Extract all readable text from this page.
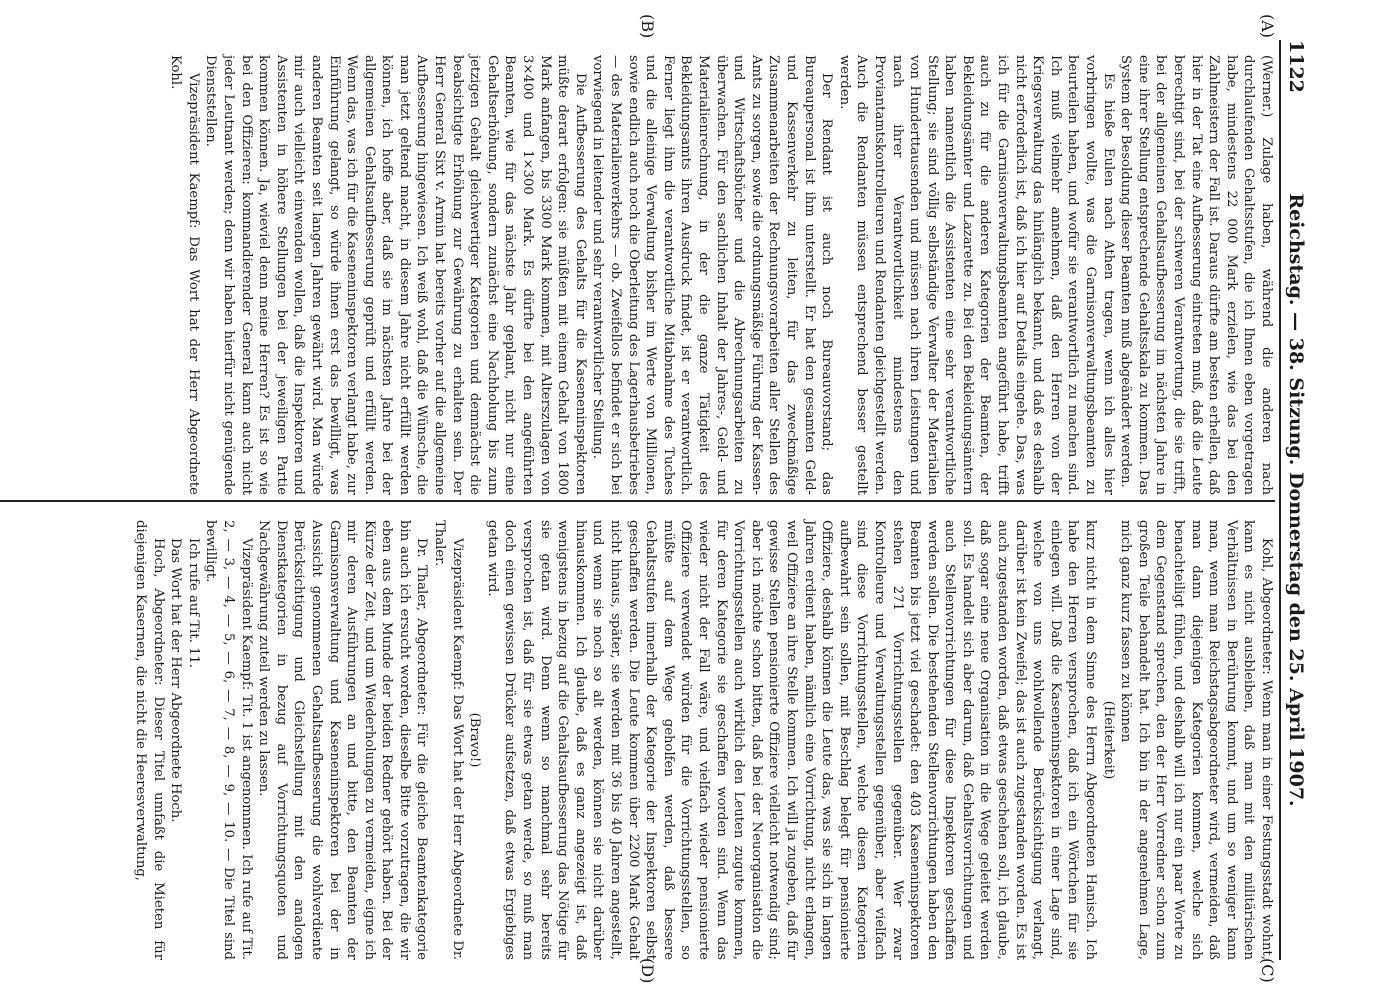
1122
Reichstag. — 38. Sitzung. Donnerstag den 25. April 1907.
(A)
(B)
(C)
(D)

(Werner.) Zulage haben, während die anderen nach durchlaufenden Gehaltsstufen, die ich Ihnen eben vorgetragen habe, mindestens 22 000 Mark erzielen, wie das bei den Zahlmeistern der Fall ist. Daraus dürfte am besten erhellen, daß hier in der Tat eine Aufbesserung eintreten muß, daß die Leute berechtigt sind, bei der schweren Verantwortung, die sie trifft, bei der allgemeinen Gehaltsaufbesserung im nächsten Jahre in eine ihrer Stellung entsprechende Gehaltsskala zu kommen. Das System der Besoldung dieser Beamten muß abgeändert werden.

Es hieße Eulen nach Athen tragen, wenn ich alles hier vorbringen wollte, was die Garnisonverwaltungsbeamten zu beurteilen haben, und wofür sie verantwortlich zu machen sind. Ich muß vielmehr annehmen, daß den Herren von der Kriegsverwaltung das hinlänglich bekannt, und daß es deshalb nicht erforderlich ist, daß ich hier auf Details eingehe. Das, was ich für die Garnisonverwaltungsbeamten angeführt habe, trifft auch zu für die anderen Kategorien der Beamten, der Bekleidungsämter und Lazarette zu. Bei den Bekleidungsämtern haben namentlich die Assistenten eine sehr verantwortliche Stellung; sie sind völlig selbständige Verwalter der Materialien von Hunderttausenden und müssen nach ihren Leistungen und nach ihrer Verantwortlichkeit mindestens den Proviantamtskontrolleuren und Rendanten gleichgestellt werden. Auch die Rendanten müssen entsprechend besser gestellt werden.

Der Rendant ist auch noch Bureauvorstand; das Bureaupersonal ist ihm unterstellt. Er hat den gesamten Geld- und Kassenverkehr zu leiten, für das zweckmäßige Zusammenarbeiten der Rechnungsvorarbeiten aller Stellen des Amts zu sorgen, sowie die ordnungsmäßige Führung der Kassen- und Wirtschaftsbücher und die Abrechnungsarbeiten zu überwachen. Für den sachlichen Inhalt der Jahres-, Geld- und Materialienrechnung, in der die ganze Tätigkeit des Bekleidungsamts ihren Ausdruck findet, ist er verantwortlich. Ferner liegt ihm die verantwortliche Mitabnahme des Tuches und die alleinige Verwaltung bisher im Werte von Millionen, sowie endlich auch noch die Oberleitung des Lagerhausbetriebes — des Materialienverkehrs — ob. Zweifellos befindet er sich bei vorwiegend in leitender und sehr verantwortlicher Stellung.

Die Aufbesserung des Gehalts für die Kaseneninspektoren müßte derart erfolgen: sie müßten mit einem Gehalt von 1800 Mark anfangen, bis 3300 Mark kommen, mit Alterszulagen von 3×400 und 1×300 Mark. Es dürfte bei den angeführten Beamten, wie für das nächste Jahr geplant, nicht nur eine Gehaltserhöhung, sondern zunächst eine Nachholung bis zum jetzigen Gehalt gleichwertiger Kategorien und demnächst die beabsichtigte Erhöhung zur Gewährung zu erhalten sein. Der Herr General Sixt v. Armin hat bereits vorher auf die allgemeine Aufbesserung hingewiesen. Ich weiß wohl, daß die Wünsche, die man jetzt geltend macht, in diesem Jahre nicht erfüllt werden können, ich hoffe aber, daß sie im nächsten Jahre bei der allgemeinen Gehaltsaufbesserung geprüft und erfüllt werden. Wenn das, was ich für die Kaseneninspektoren verlangt habe, zur Einführung gelangt, so würde ihnen erst das bewilligt, was anderen Beamten seit langen Jahren gewährt wird. Man würde mir auch vielleicht einwenden wollen, daß die Inspektoren und Assistenten in höhere Stellungen bei der jeweiligen Partie kommen können. Ja, wieviel denn meine Herren? Es ist so wie bei den Offizieren: kommandierender General kann auch nicht jeder Leutnant werden; denn wir haben hierfür nicht genügende Dienststellen.

Vizepräsident Kaempf: Das Wort hat der Herr Abgeordnete Kohl.

Kohl, Abgeordneter: Wenn man in einer Festungsstadt wohnt, kann es nicht ausbleiben, daß man mit den militärischen Verhältnissen in Berührung kommt, und um so weniger kann man, wenn man Reichstagsabgeordneter wird, vermeiden, daß man dann diejenigen Kategorien kommen, welche sich benachteiligt fühlen, und deshalb will ich nur ein paar Worte zu dem Gegenstand sprechen, den der Herr Vorredner schon zum großen Teile behandelt hat. Ich bin in der angenehmen Lage, mich ganz kurz fassen zu können

(Heiterkeit)

kurz nicht in dem Sinne des Herrn Abgeordneten Hanisch. Ich habe den Herren versprochen, daß ich ein Wörtchen für sie einlegen will. Daß die Kaseneninspektoren in einer Lage sind, welche von uns wohlwollende Berücksichtigung verlangt, darüber ist kein Zweifel; das ist auch zugestanden worden. Es ist auch zugestanden worden, daß etwas geschehen soll, ich glaube, daß sogar eine neue Organisation in die Wege geleitet werden soll. Es handelt sich aber darum, daß Gehaltsvorrichtungen und auch Stellenvorrichtungen für diese Inspektoren geschaffen werden sollen. Die bestehenden Stellenvorrichtungen haben den Beamten bis jetzt viel geschadet: den 403 Kaseneninspektoren stehen 271 Vorrichtungsstellen gegenüber. Wer zwar Kontrolleure und Verwaltungsstellen gegenüber, aber vielfach sind diese Vorrichtungsstellen, welche diesen Kategorien aufbewahrt sein sollen, mit Beschlag belegt für pensionierte Offiziere, deshalb können die Leute das, was sie sich in langen Jahren erdient haben, nämlich eine Vorrichtung, nicht erlangen, weil Offiziere an ihre Stelle kommen. Ich will ja zugeben, daß für gewisse Stellen pensionierte Offiziere vielleicht notwendig sind; aber ich möchte schon bitten, daß bei der Neuorganisation die Vorrichtungsstellen auch wirklich den Leuten zugute kommen, für deren Kategorie sie geschaffen worden sind. Wenn das wieder nicht der Fall wäre, und vielfach wieder pensionierte Offiziere verwendet würden für die Vorrichtungsstellen, so müßte auf dem Wege geholfen werden, daß bessere Gehaltsstufen innerhalb der Kategorie der Inspektoren selbst geschaffen werden. Die Leute kommen über 2200 Mark Gehalt nicht hinaus, später, sie werden mit 36 bis 40 Jahren angestellt, und wenn sie noch so alt werden, können sie nicht darüber hinauskommen. Ich glaube, daß es ganz angezeigt ist, daß wenigstens in bezug auf die Gehaltsaufbesserung das Nötige für sie getan wird. Denn wenn so manchmal sehr bereits versprochen ist, daß für sie etwas getan werde, so muß man doch einen gewissen Drücker aufsetzen, daß etwas Ergiebiges getan wird.

(Bravo!)

Vizepräsident Kaempf: Das Wort hat der Herr Abgeordnete Dr. Thaler.

Dr. Thaler, Abgeordneter: Für die gleiche Beamtenkategorie bin auch ich ersucht worden, dieselbe Bitte vorzutragen, die wir eben aus dem Munde der beiden Redner gehört haben. Bei der Kürze der Zeit, und um Wiederholungen zu vermeiden, eigne ich mir deren Ausführungen an und bitte, den Beamten der Garnisonsverwaltung und Kaseneninspektoren bei der in Aussicht genommenen Gehaltsaufbesserung die wohlverdiente Berücksichtigung und Gleichstellung mit den analogen Dienstkategorien in bezug auf Vorrichtungsquoten und Nachgewährung zuteil werden zu lassen.

Vizepräsident Kaempf: Tit. 1 ist angenommen. Ich rufe auf Tit. 2, — 3, — 4, — 5, — 6, — 7, — 8, — 9, — 10. — Die Titel sind bewilligt.

Ich rufe auf Tit. 11.

Das Wort hat der Herr Abgeordnete Hoch.

Hoch, Abgeordneter: Dieser Titel umfaßt die Mieten für diejenigen Kasernen, die nicht die Heeresverwaltung,
